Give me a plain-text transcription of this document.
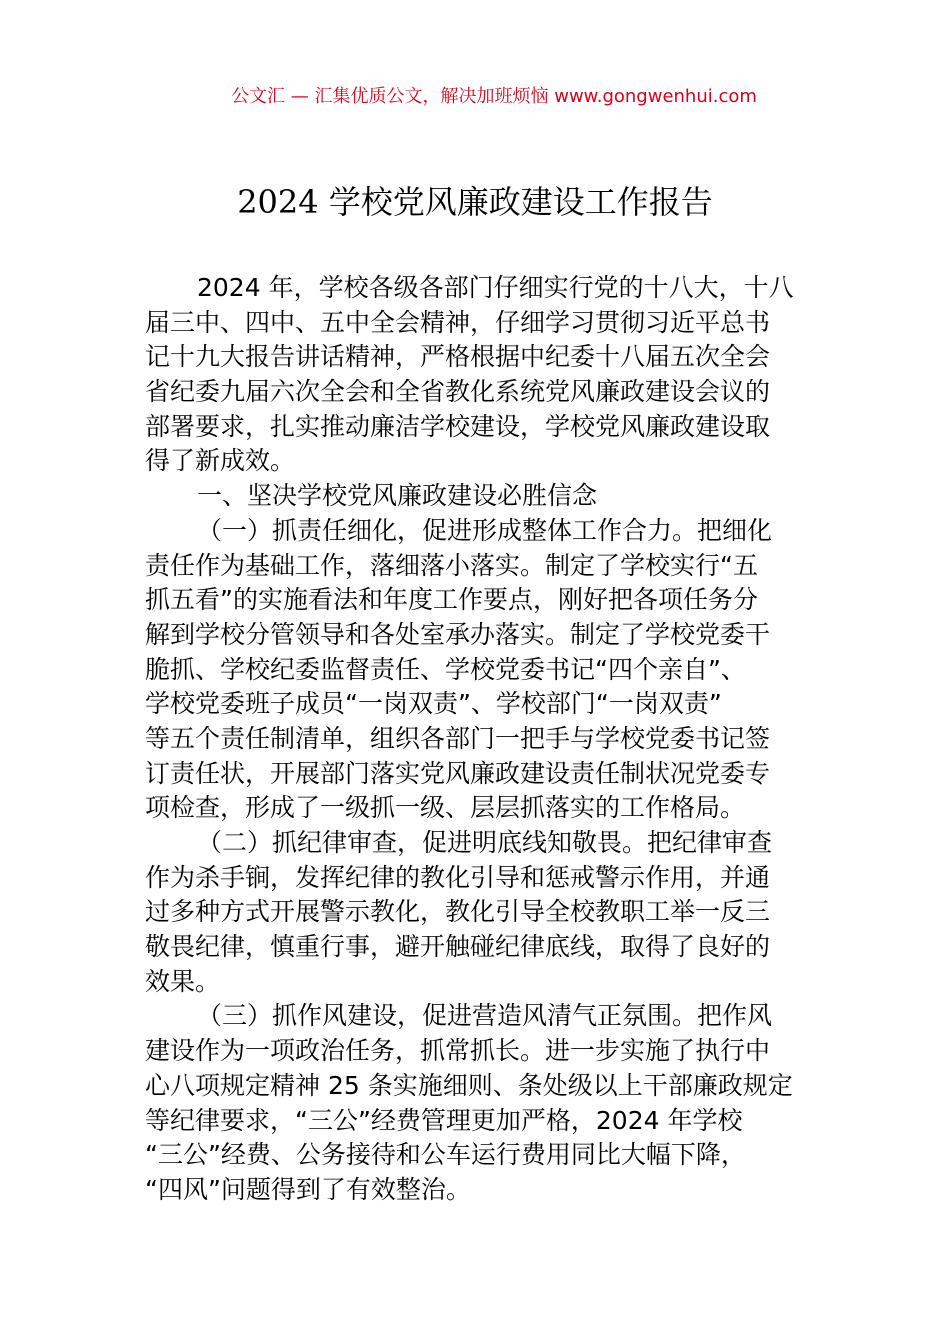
公文汇 — 汇集优质公文，解决加班烦恼 www.gongwenhui.com
2024 学校党风廉政建设工作报告
2024 年，学校各级各部门仔细实行党的十八大，十八
届三中、四中、五中全会精神，仔细学习贯彻习近平总书
记十九大报告讲话精神，严格根据中纪委十八届五次全会
省纪委九届六次全会和全省教化系统党风廉政建设会议的
部署要求，扎实推动廉洁学校建设，学校党风廉政建设取
得了新成效。
一、坚决学校党风廉政建设必胜信念
（一）抓责任细化，促进形成整体工作合力。把细化
责任作为基础工作，落细落小落实。制定了学校实行“五
抓五看”的实施看法和年度工作要点，刚好把各项任务分
解到学校分管领导和各处室承办落实。制定了学校党委干
脆抓、学校纪委监督责任、学校党委书记“四个亲自”、
学校党委班子成员“一岗双责”、学校部门“一岗双责”
等五个责任制清单，组织各部门一把手与学校党委书记签
订责任状，开展部门落实党风廉政建设责任制状况党委专
项检查，形成了一级抓一级、层层抓落实的工作格局。
（二）抓纪律审查，促进明底线知敬畏。把纪律审查
作为杀手锏，发挥纪律的教化引导和惩戒警示作用，并通
过多种方式开展警示教化，教化引导全校教职工举一反三
敬畏纪律，慎重行事，避开触碰纪律底线，取得了良好的
效果。
（三）抓作风建设，促进营造风清气正氛围。把作风
建设作为一项政治任务，抓常抓长。进一步实施了执行中
心八项规定精神 25 条实施细则、条处级以上干部廉政规定
等纪律要求，“三公”经费管理更加严格，2024 年学校
“三公”经费、公务接待和公车运行费用同比大幅下降，
“四风”问题得到了有效整治。
